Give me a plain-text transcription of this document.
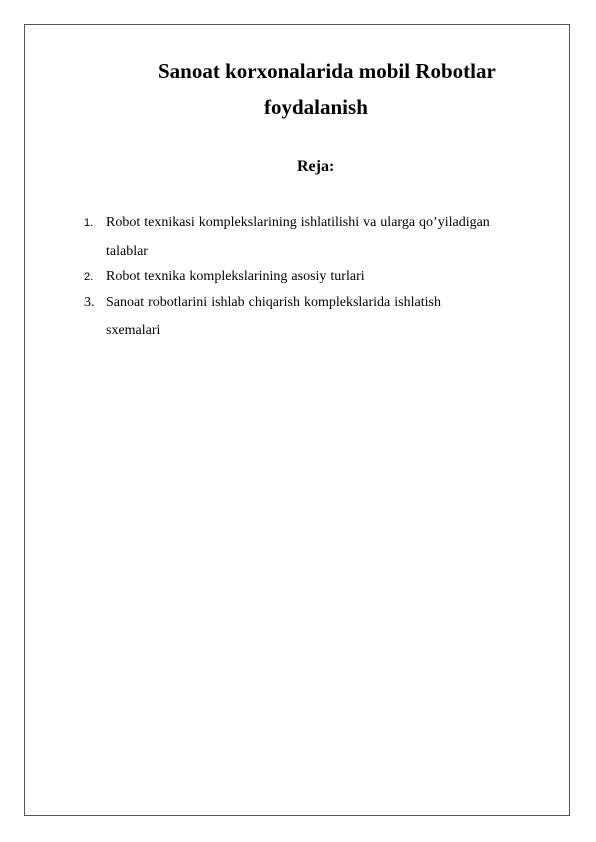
Sanoat korxonalarida mobil Robotlar
foydalanish
Reja:
1. Robot texnikasi komplekslarining ishlatilishi va ularga qo’yiladigan
talablar
2. Robot texnika komplekslarining asosiy turlari
3. Sanoat robotlarini ishlab chiqarish komplekslarida ishlatish
sxemalari
